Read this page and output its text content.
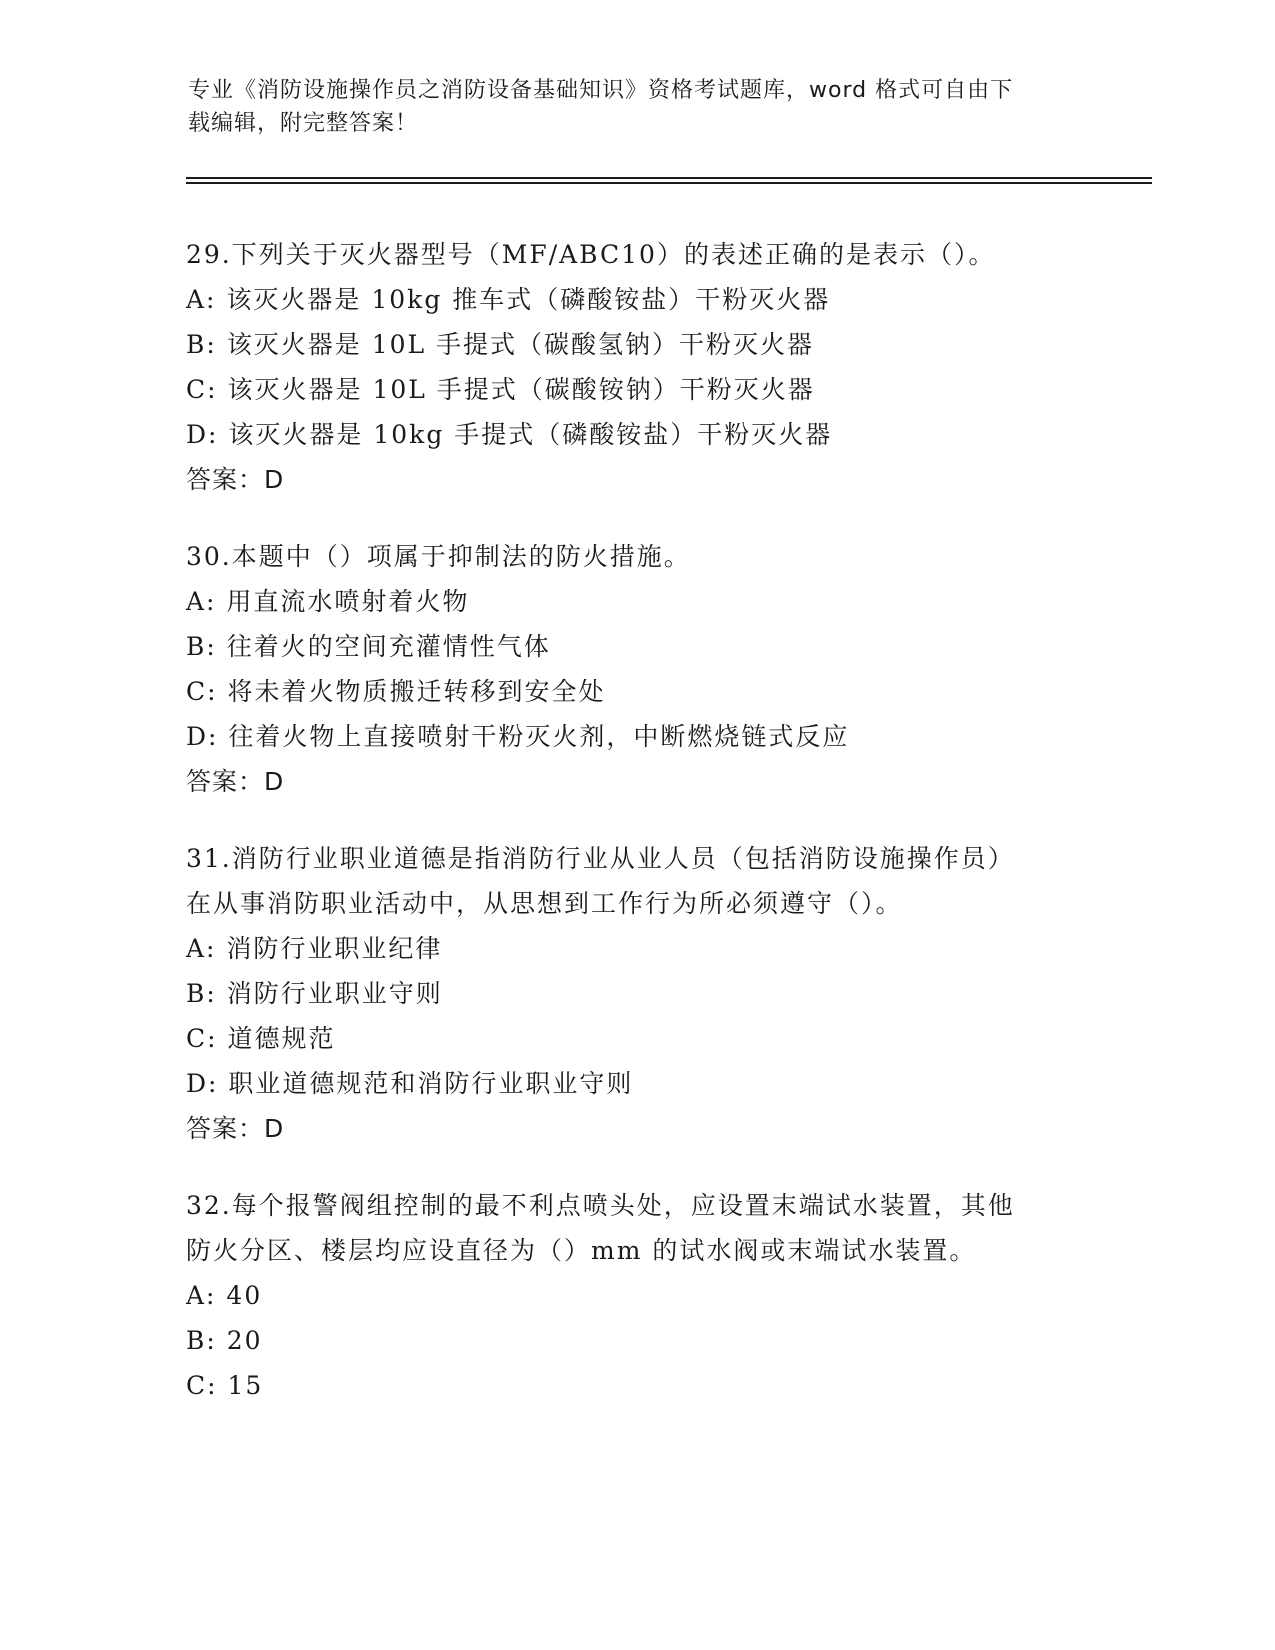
专业《消防设施操作员之消防设备基础知识》资格考试题库，word 格式可自由下
载编辑，附完整答案！
29.下列关于灭火器型号（MF/ABC10）的表述正确的是表示（）。
A: 该灭火器是 10kg 推车式（磷酸铵盐）干粉灭火器
B: 该灭火器是 10L 手提式（碳酸氢钠）干粉灭火器
C: 该灭火器是 10L 手提式（碳酸铵钠）干粉灭火器
D: 该灭火器是 10kg 手提式（磷酸铵盐）干粉灭火器
答案：D
30.本题中（）项属于抑制法的防火措施。
A: 用直流水喷射着火物
B: 往着火的空间充灌情性气体
C: 将未着火物质搬迁转移到安全处
D: 往着火物上直接喷射干粉灭火剂，中断燃烧链式反应
答案：D
31.消防行业职业道德是指消防行业从业人员（包括消防设施操作员）
在从事消防职业活动中，从思想到工作行为所必须遵守（）。
A: 消防行业职业纪律
B: 消防行业职业守则
C: 道德规范
D: 职业道德规范和消防行业职业守则
答案：D
32.每个报警阀组控制的最不利点喷头处，应设置末端试水装置，其他
防火分区、楼层均应设直径为（）mm 的试水阀或末端试水装置。
A: 40
B: 20
C: 15
